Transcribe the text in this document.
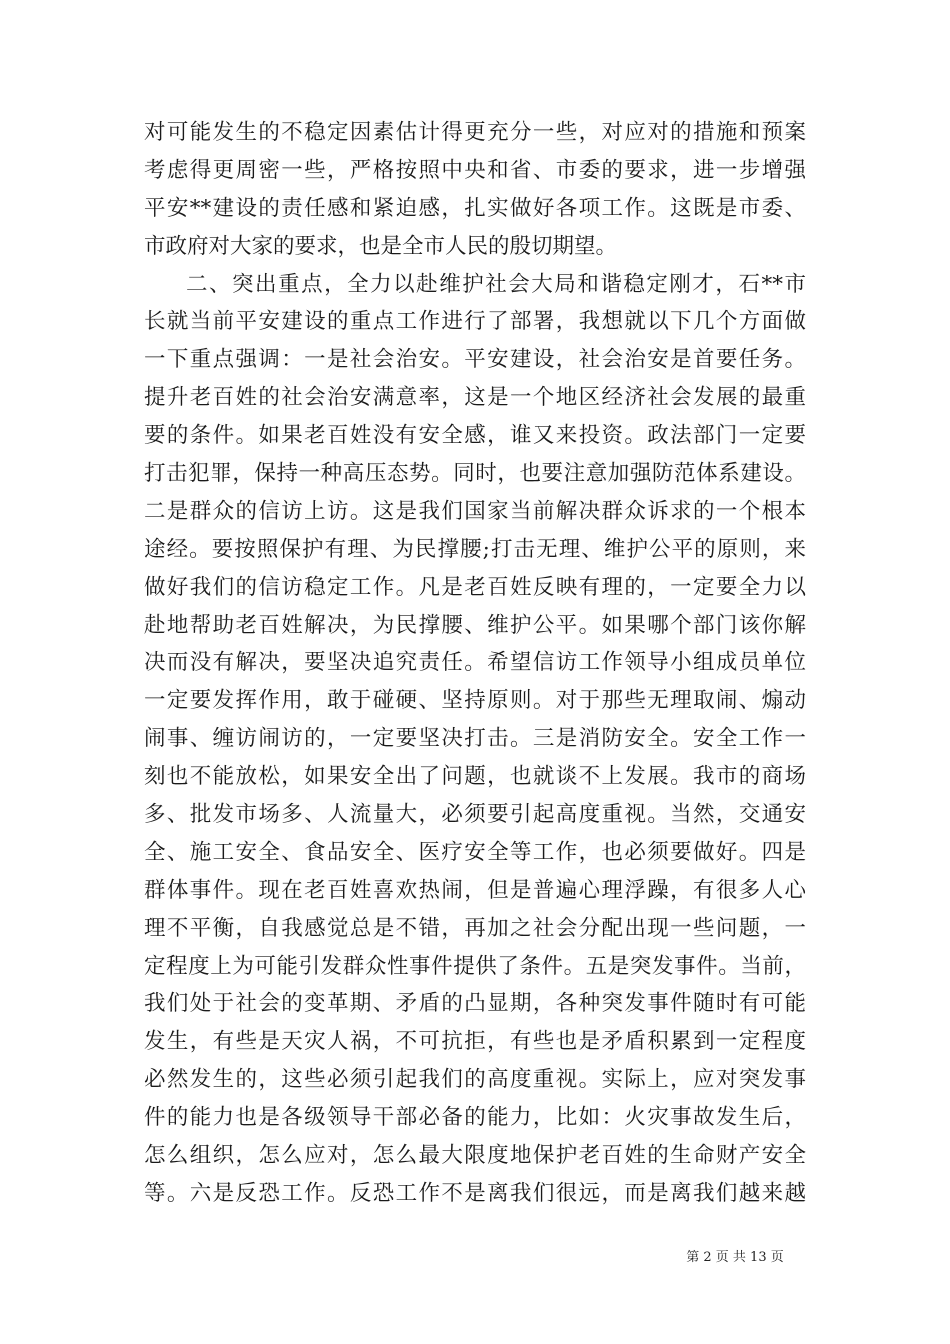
对可能发生的不稳定因素估计得更充分一些，对应对的措施和预案
考虑得更周密一些，严格按照中央和省、市委的要求，进一步增强
平安**建设的责任感和紧迫感，扎实做好各项工作。这既是市委、
市政府对大家的要求，也是全市人民的殷切期望。
二、突出重点，全力以赴维护社会大局和谐稳定刚才，石**市
长就当前平安建设的重点工作进行了部署，我想就以下几个方面做
一下重点强调：一是社会治安。平安建设，社会治安是首要任务。
提升老百姓的社会治安满意率，这是一个地区经济社会发展的最重
要的条件。如果老百姓没有安全感，谁又来投资。政法部门一定要
打击犯罪，保持一种高压态势。同时，也要注意加强防范体系建设。
二是群众的信访上访。这是我们国家当前解决群众诉求的一个根本
途经。要按照保护有理、为民撑腰;打击无理、维护公平的原则，来
做好我们的信访稳定工作。凡是老百姓反映有理的，一定要全力以
赴地帮助老百姓解决，为民撑腰、维护公平。如果哪个部门该你解
决而没有解决，要坚决追究责任。希望信访工作领导小组成员单位
一定要发挥作用，敢于碰硬、坚持原则。对于那些无理取闹、煽动
闹事、缠访闹访的，一定要坚决打击。三是消防安全。安全工作一
刻也不能放松，如果安全出了问题，也就谈不上发展。我市的商场
多、批发市场多、人流量大，必须要引起高度重视。当然，交通安
全、施工安全、食品安全、医疗安全等工作，也必须要做好。四是
群体事件。现在老百姓喜欢热闹，但是普遍心理浮躁，有很多人心
理不平衡，自我感觉总是不错，再加之社会分配出现一些问题，一
定程度上为可能引发群众性事件提供了条件。五是突发事件。当前，
我们处于社会的变革期、矛盾的凸显期，各种突发事件随时有可能
发生，有些是天灾人祸，不可抗拒，有些也是矛盾积累到一定程度
必然发生的，这些必须引起我们的高度重视。实际上，应对突发事
件的能力也是各级领导干部必备的能力，比如：火灾事故发生后，
怎么组织，怎么应对，怎么最大限度地保护老百姓的生命财产安全
等。六是反恐工作。反恐工作不是离我们很远，而是离我们越来越
第 2 页 共 13 页
